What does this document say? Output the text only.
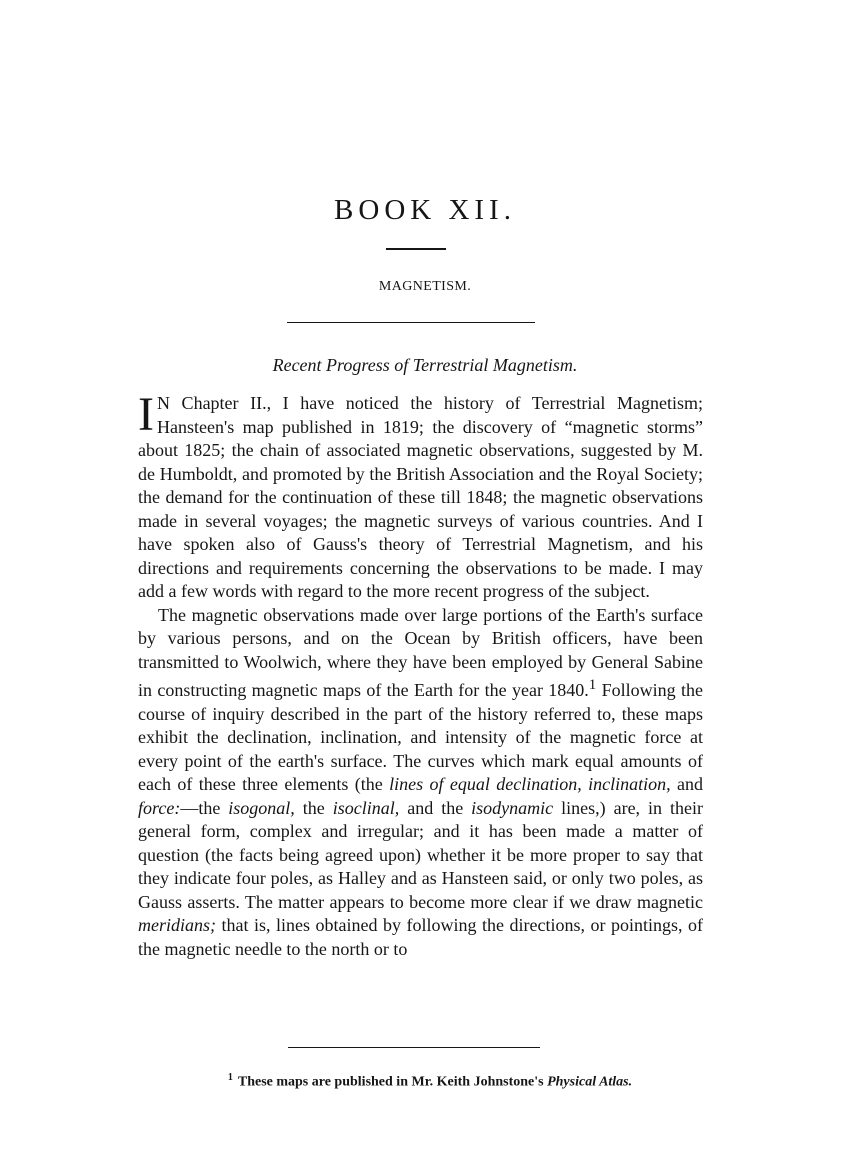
BOOK XII.
MAGNETISM.
Recent Progress of Terrestrial Magnetism.

I N Chapter II., I have noticed the history of Terrestrial Magnetism; Hansteen's map published in 1819; the discovery of “magnetic storms” about 1825; the chain of associated magnetic observations, suggested by M. de Humboldt, and promoted by the British Association and the Royal Society; the demand for the continuation of these till 1848; the magnetic observations made in several voyages; the magnetic surveys of various countries. And I have spoken also of Gauss's theory of Terrestrial Magnetism, and his directions and requirements concerning the observations to be made. I may add a few words with regard to the more recent progress of the subject.

The magnetic observations made over large portions of the Earth's surface by various persons, and on the Ocean by British officers, have been transmitted to Woolwich, where they have been employed by General Sabine in constructing magnetic maps of the Earth for the year 1840.$^1$ Following the course of inquiry described in the part of the history referred to, these maps exhibit the declination, inclination, and intensity of the magnetic force at every point of the earth's surface. The curves which mark equal amounts of each of these three elements (the lines of equal declination, inclination, and force:—the isogonal, the isoclinal, and the isodynamic lines,) are, in their general form, complex and irregular; and it has been made a matter of question (the facts being agreed upon) whether it be more proper to say that they indicate four poles, as Halley and as Hansteen said, or only two poles, as Gauss asserts. The matter appears to become more clear if we draw magnetic meridians; that is, lines obtained by following the directions, or pointings, of the magnetic needle to the north or to

$^1$ These maps are published in Mr. Keith Johnstone's Physical Atlas.
